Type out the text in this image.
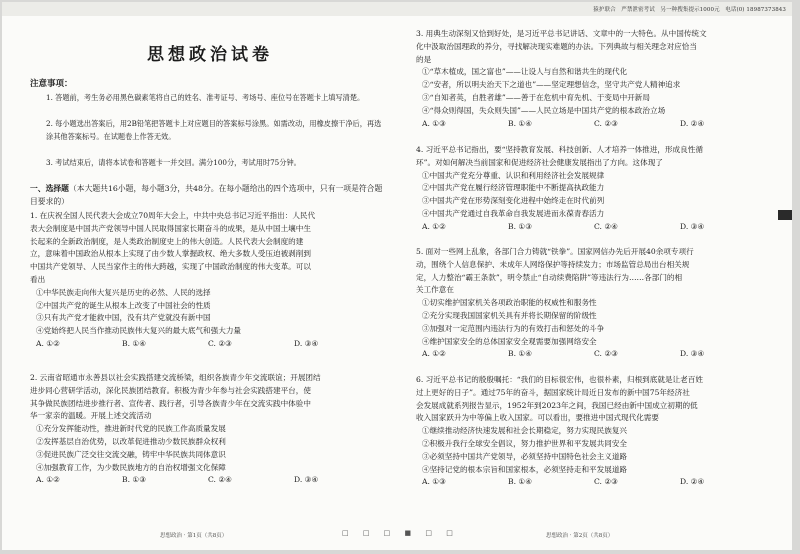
猿护联合　严禁泄密考试　另一种搜集提示1000元　电话(0) 18987373843
思想政治试卷
注意事项：
1. 答题前，考生务必用黑色碳素笔将自己的姓名、准考证号、考场号、座位号在答题卡上填写清楚。
2. 每小题选出答案后，用2B铅笔把答题卡上对应题目的答案标号涂黑。如需改动，用橡皮擦干净后，再选涂其他答案标号。在试题卷上作答无效。
3. 考试结束后，请将本试卷和答题卡一并交回。满分100分，考试用时75分钟。
一、选择题（本大题共16小题，每小题3分，共48分。在每小题给出的四个选项中，只有一项是符合题目要求的）
1. 在庆祝全国人民代表大会成立70周年大会上，中共中央总书记习近平指出：人民代
表大会制度是中国共产党领导中国人民取得国家长期奋斗的成果，是从中国土壤中生
长起来的全新政治制度，是人类政治制度史上的伟大创造。人民代表大会制度的建
立，意味着中国政治从根本上实现了由少数人掌握政权、绝大多数人受压迫被剥削到
中国共产党领导、人民当家作主的伟大跨越，实现了中国政治制度的伟大变革。可以
看出
①中华民族走向伟大复兴是历史的必然、人民的选择
②中国共产党的诞生从根本上改变了中国社会的性质
③只有共产党才能救中国，没有共产党就没有新中国
④党始终把人民当作推动民族伟大复兴的最大底气和强大力量
A. ①②	B. ①④	C. ②③	D. ③④
2. 云南省昭通市永善县以社会实践搭建交流桥梁，组织各族青少年交流联谊；开展团结
进步同心营研学活动，深化民族团结教育。积极为青少年参与社会实践搭建平台，使
其争做民族团结进步推行者、宣传者、践行者，引导各族青少年在交流实践中体验中
华一家亲的温暖。开展上述交流活动
①充分发挥能动性，推进新时代党的民族工作高质量发展
②发挥基层自治优势，以改革促进推动少数民族群众权利
③促进民族广泛交往交流交融，铸牢中华民族共同体意识
④加强教育工作，为少数民族地方的自治权增强文化保障
A. ①②	B. ①③	C. ②④	D. ③④
思想政治 · 第1页（共8页）	□ □ □ ■ □ □
3. 用典生动深刻又恰到好处，是习近平总书记讲话、文章中的一大特色。从中国传统文
化中汲取治国理政的养分，寻找解决现实难题的办法。下列典故与相关理念对应恰当
的是
①“草木植成，国之富也”——让设人与自然和谐共生的现代化
②“安者，所以明夫治天下之道也”——坚定理想信念，坚守共产党人精神追求
③“自知者英，自胜者雄”——善于在危机中育先机、于变局中开新局
④“得众则得国，失众则失国”——人民立场是中国共产党的根本政治立场
A. ①③	B. ①④	C. ②③	D. ②④
4. 习近平总书记指出，要“坚持教育发展、科技创新、人才培养一体推进，形成良性循
环”。对如何解决当前国家和促进经济社会健康发展指出了方向。这体现了
①中国共产党充分尊重、认识和利用经济社会发展规律
②中国共产党在履行经济管理职能中不断提高执政能力
③中国共产党在形势深刻变化进程中始终走在时代前列
④中国共产党通过自我革命自我发展进而永葆青春活力
A. ①②	B. ①③	C. ②④	D. ③④
5. 面对一些网上乱象，各部门合力铸就“铁拳”。国家网信办先后开展40余项专项行
动，围绕个人信息保护、未成年人网络保护等持续发力；市场监管总局出台相关规
定，人力整治“霸王条款”，明令禁止“自动续费陷阱”等违法行为……各部门的相
关工作意在
①切实维护国家机关各项政治职能的权威性和服务性
②充分实现我国国家机关具有并将长期保留的阶级性
③加强对一定范围内违法行为的有效打击和惩处的斗争
④维护国家安全的总体国家安全观需要加强网络安全
A. ①②	B. ①④	C. ②③	D. ③④
6. 习近平总书记的殷殷嘱托：“我们的目标很宏伟，也很朴素，归根到底就是让老百姓
过上更好的日子”。通过75年的奋斗，据国家统计局近日发布的新中国75年经济社
会发展成就系列报告显示，1952年到2023年之间，我国已经由新中国成立初期的低
收入国家跃升为中等偏上收入国家。可以看出，要推进中国式现代化需要
①继续推动经济快速发展和社会长期稳定，努力实现民族复兴
②积极升我行全球安全倡议，努力推护世界和平发展共同安全
③必须坚持中国共产党领导，必须坚持中国特色社会主义道路
④坚持记党的根本宗旨和国家根本，必须坚持走和平发展道路
A. ①③	B. ①④	C. ②③	D. ②④
思想政治 · 第2页（共8页）
